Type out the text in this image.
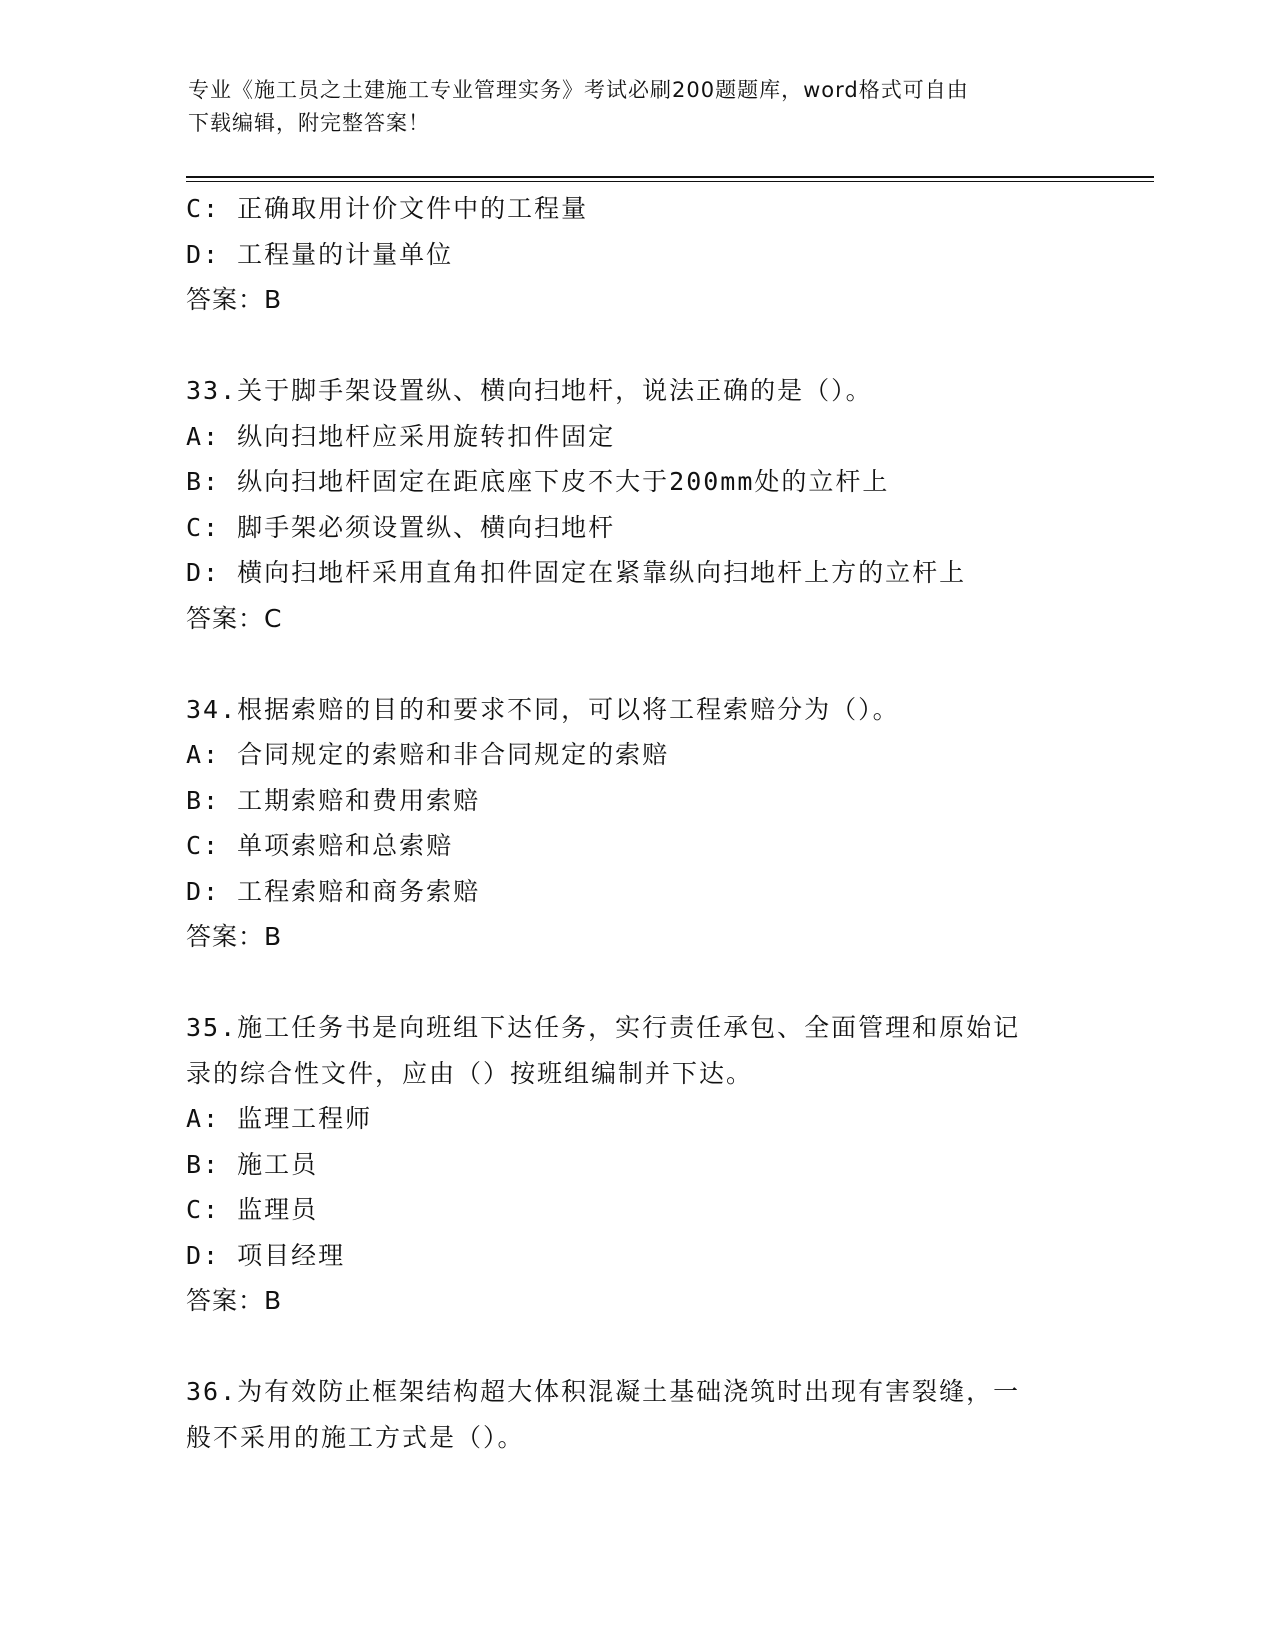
专业《施工员之土建施工专业管理实务》考试必刷200题题库，word格式可自由
下载编辑，附完整答案！
C: 正确取用计价文件中的工程量
D: 工程量的计量单位
答案：B
33.关于脚手架设置纵、横向扫地杆，说法正确的是（）。
A: 纵向扫地杆应采用旋转扣件固定
B: 纵向扫地杆固定在距底座下皮不大于200mm处的立杆上
C: 脚手架必须设置纵、横向扫地杆
D: 横向扫地杆采用直角扣件固定在紧靠纵向扫地杆上方的立杆上
答案：C
34.根据索赔的目的和要求不同，可以将工程索赔分为（）。
A: 合同规定的索赔和非合同规定的索赔
B: 工期索赔和费用索赔
C: 单项索赔和总索赔
D: 工程索赔和商务索赔
答案：B
35.施工任务书是向班组下达任务，实行责任承包、全面管理和原始记
录的综合性文件，应由（）按班组编制并下达。
A: 监理工程师
B: 施工员
C: 监理员
D: 项目经理
答案：B
36.为有效防止框架结构超大体积混凝土基础浇筑时出现有害裂缝，一
般不采用的施工方式是（）。
